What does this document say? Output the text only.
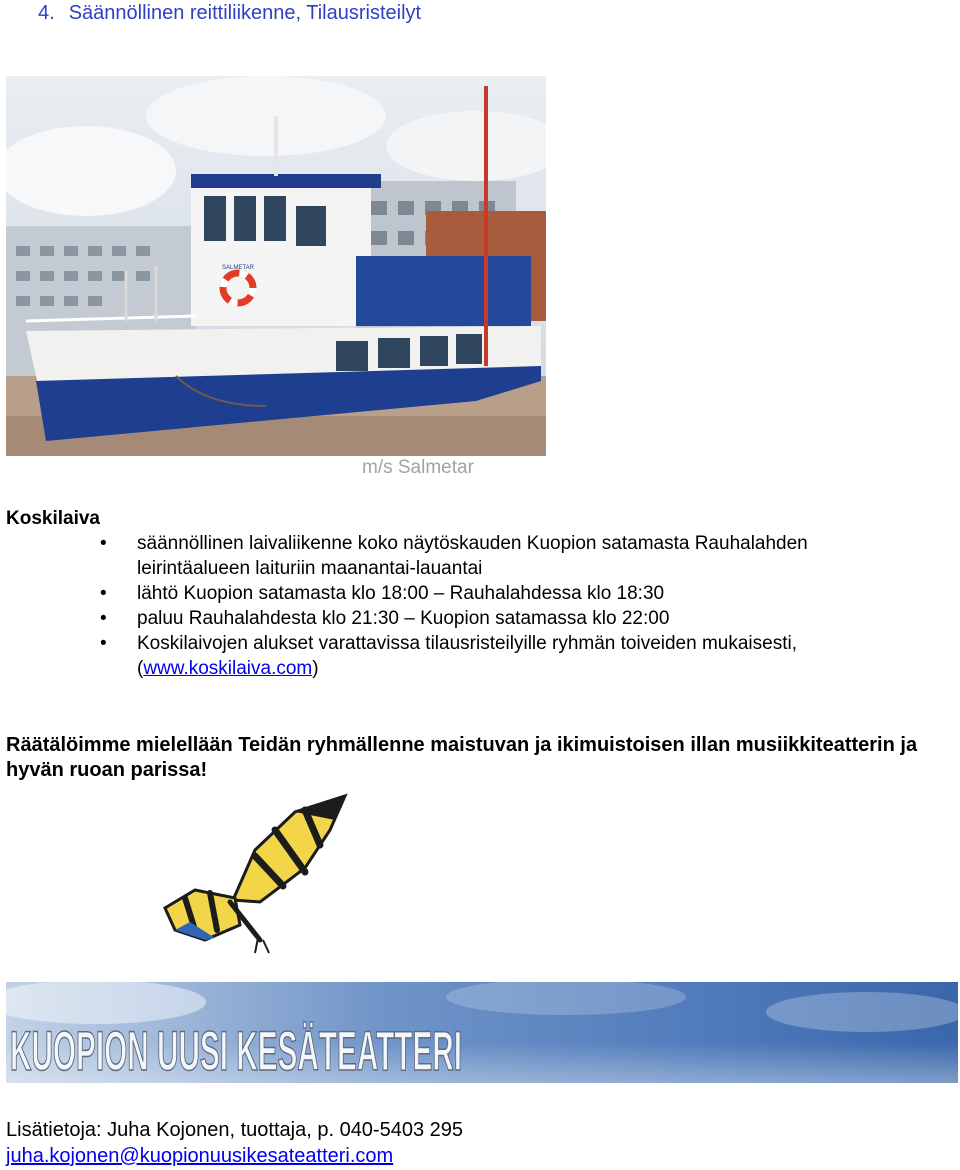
4. Säännöllinen reittiliikenne, Tilausristeilyt
SALMETAR
m/s Salmetar
Koskilaiva
• säännöllinen laivaliikenne koko näytöskauden Kuopion satamasta Rauhalahden leirintäalueen laituriin maanantai-lauantai
• lähtö Kuopion satamasta klo 18:00 – Rauhalahdessa klo 18:30
• paluu Rauhalahdesta klo 21:30 – Kuopion satamassa klo 22:00
• Koskilaivojen alukset varattavissa tilausristeilyille ryhmän toiveiden mukaisesti, (www.koskilaiva.com)
Räätälöimme mielellään Teidän ryhmällenne maistuvan ja ikimuistoisen illan musiikkiteatterin ja hyvän ruoan parissa!
KUOPION UUSI KESÄTEATTERI
Lisätietoja: Juha Kojonen, tuottaja, p. 040-5403 295
juha.kojonen@kuopionuusikesateatteri.com
